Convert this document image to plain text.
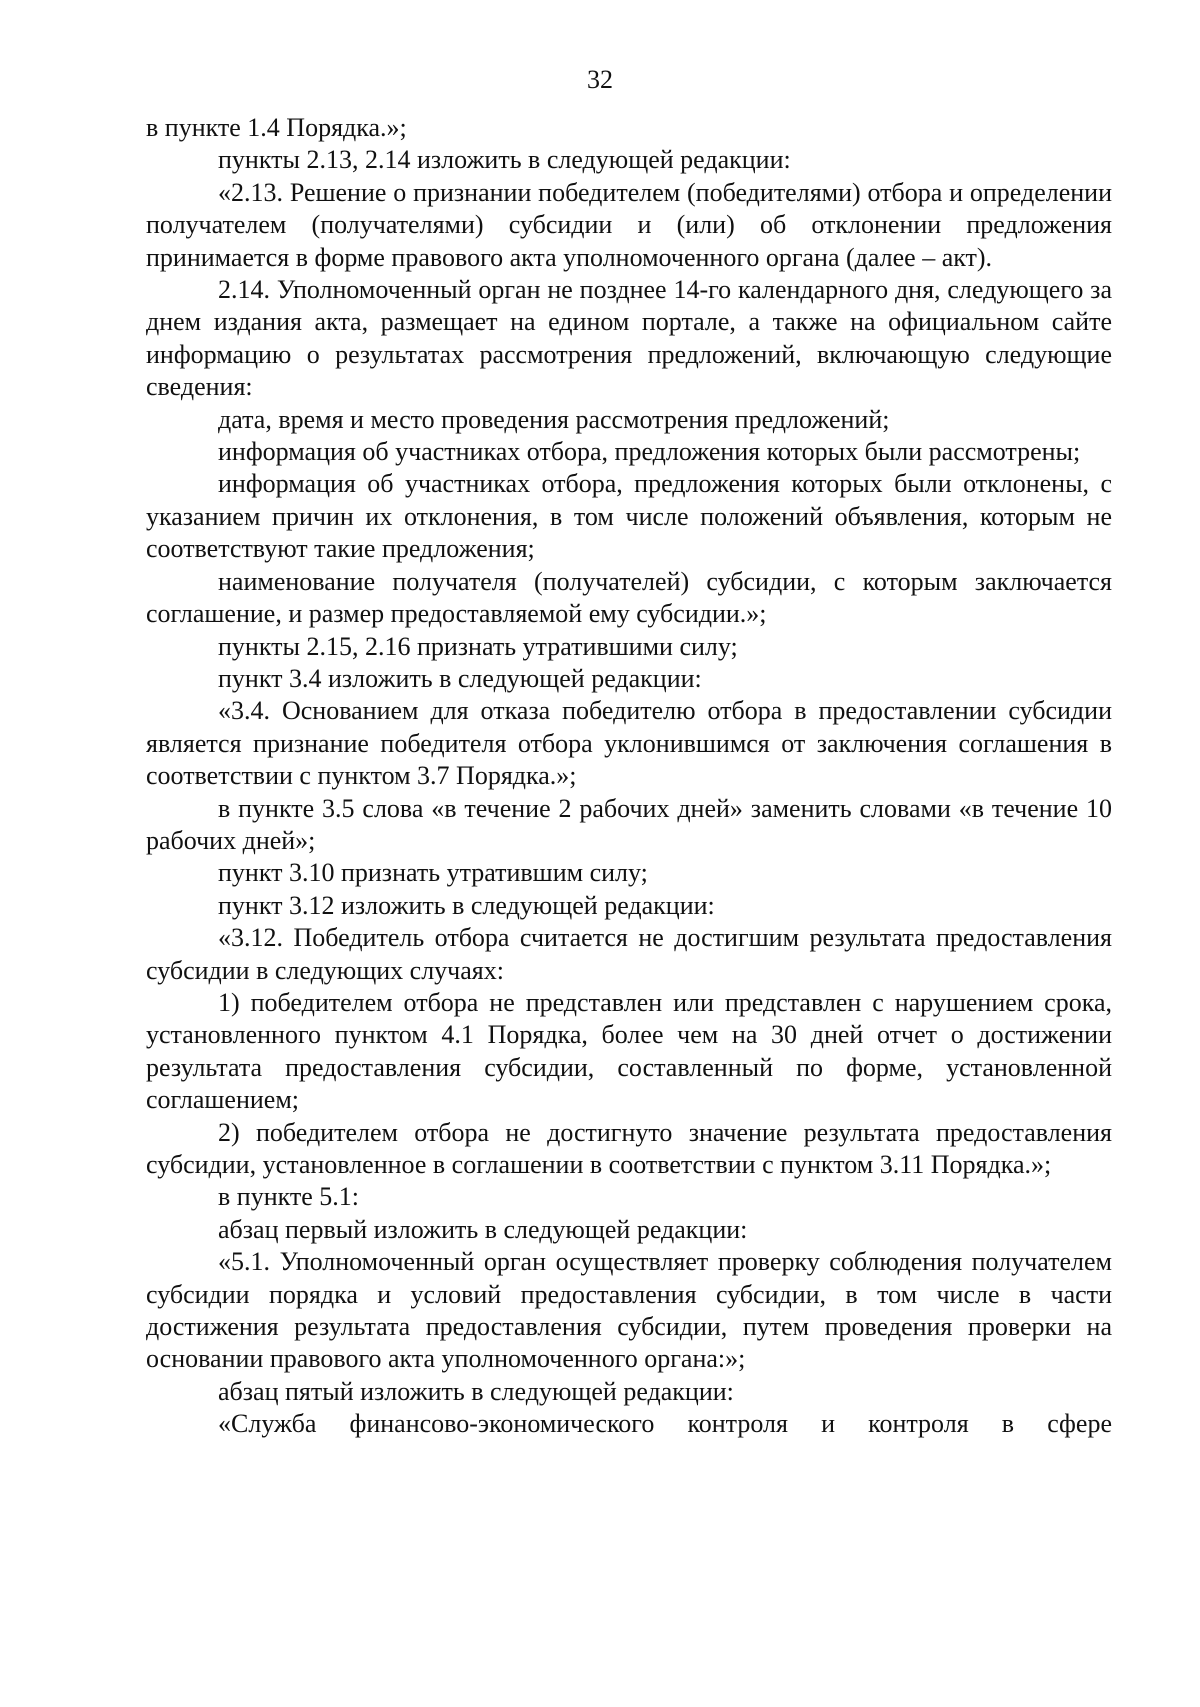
32

в пункте 1.4 Порядка.»;

пункты 2.13, 2.14 изложить в следующей редакции:

«2.13. Решение о признании победителем (победителями) отбора и определении получателем (получателями) субсидии и (или) об отклонении предложения принимается в форме правового акта уполномоченного органа (далее – акт).

2.14. Уполномоченный орган не позднее 14-го календарного дня, следующего за днем издания акта, размещает на едином портале, а также на официальном сайте информацию о результатах рассмотрения предложений, включающую следующие сведения:

дата, время и место проведения рассмотрения предложений;

информация об участниках отбора, предложения которых были рассмотрены;

информация об участниках отбора, предложения которых были отклонены, с указанием причин их отклонения, в том числе положений объявления, которым не соответствуют такие предложения;

наименование получателя (получателей) субсидии, с которым заключается соглашение, и размер предоставляемой ему субсидии.»;

пункты 2.15, 2.16 признать утратившими силу;

пункт 3.4 изложить в следующей редакции:

«3.4. Основанием для отказа победителю отбора в предоставлении субсидии является признание победителя отбора уклонившимся от заключения соглашения в соответствии с пунктом 3.7 Порядка.»;

в пункте 3.5 слова «в течение 2 рабочих дней» заменить словами «в течение 10 рабочих дней»;

пункт 3.10 признать утратившим силу;

пункт 3.12 изложить в следующей редакции:

«3.12. Победитель отбора считается не достигшим результата предоставления субсидии в следующих случаях:

1) победителем отбора не представлен или представлен с нарушением срока, установленного пунктом 4.1 Порядка, более чем на 30 дней отчет о достижении результата предоставления субсидии, составленный по форме, установленной соглашением;

2) победителем отбора не достигнуто значение результата предоставления субсидии, установленное в соглашении в соответствии с пунктом 3.11 Порядка.»;

в пункте 5.1:

абзац первый изложить в следующей редакции:

«5.1. Уполномоченный орган осуществляет проверку соблюдения получателем субсидии порядка и условий предоставления субсидии, в том числе в части достижения результата предоставления субсидии, путем проведения проверки на основании правового акта уполномоченного органа:»;

абзац пятый изложить в следующей редакции:

«Служба финансово-экономического контроля и контроля в сфере
